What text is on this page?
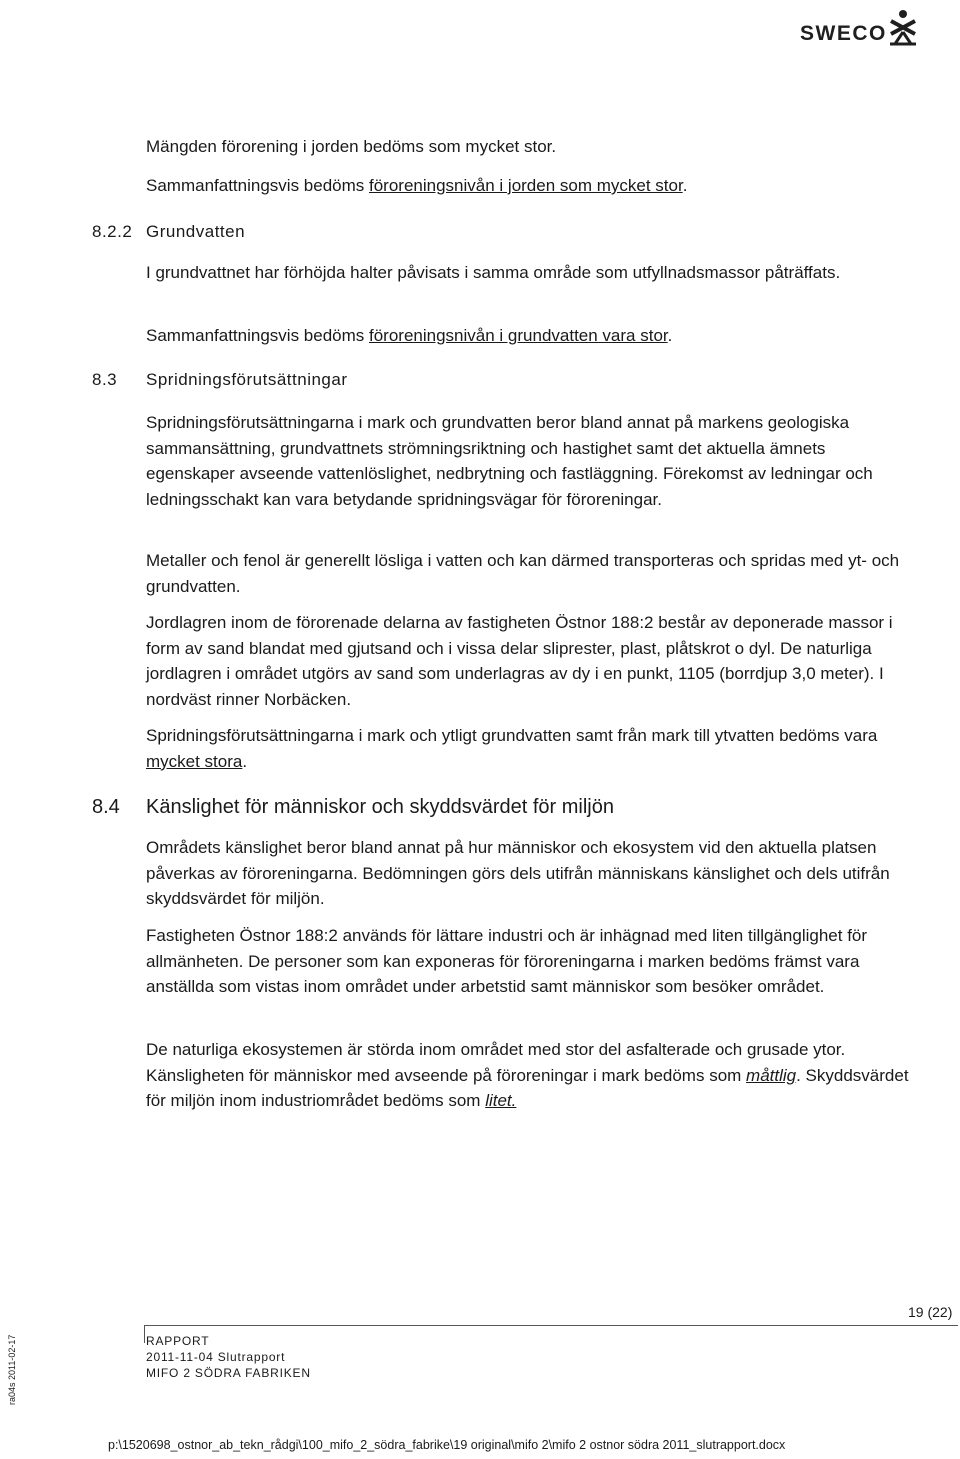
SWECO

Mängden förorening i jorden bedöms som mycket stor.

Sammanfattningsvis bedöms föroreningsnivån i jorden som mycket stor.

8.2.2 Grundvatten

I grundvattnet har förhöjda halter påvisats i samma område som utfyllnadsmassor påträffats.

Sammanfattningsvis bedöms föroreningsnivån i grundvatten vara stor.

8.3 Spridningsförutsättningar

Spridningsförutsättningarna i mark och grundvatten beror bland annat på markens geologiska sammansättning, grundvattnets strömningsriktning och hastighet samt det aktuella ämnets egenskaper avseende vattenlöslighet, nedbrytning och fastläggning. Förekomst av ledningar och ledningsschakt kan vara betydande spridningsvägar för föroreningar.

Metaller och fenol är generellt lösliga i vatten och kan därmed transporteras och spridas med yt- och grundvatten.

Jordlagren inom de förorenade delarna av fastigheten Östnor 188:2 består av deponerade massor i form av sand blandat med gjutsand och i vissa delar sliprester, plast, plåtskrot o dyl. De naturliga jordlagren i området utgörs av sand som underlagras av dy i en punkt, 1105 (borrdjup 3,0 meter). I nordväst rinner Norbäcken.

Spridningsförutsättningarna i mark och ytligt grundvatten samt från mark till ytvatten bedöms vara mycket stora.

8.4 Känslighet för människor och skyddsvärdet för miljön

Områdets känslighet beror bland annat på hur människor och ekosystem vid den aktuella platsen påverkas av föroreningarna. Bedömningen görs dels utifrån människans känslighet och dels utifrån skyddsvärdet för miljön.

Fastigheten Östnor 188:2 används för lättare industri och är inhägnad med liten tillgänglighet för allmänheten. De personer som kan exponeras för föroreningarna i marken bedöms främst vara anställda som vistas inom området under arbetstid samt människor som besöker området.

De naturliga ekosystemen är störda inom området med stor del asfalterade och grusade ytor. Känsligheten för människor med avseende på föroreningar i mark bedöms som måttlig. Skyddsvärdet för miljön inom industriområdet bedöms som litet.

19 (22)
RAPPORT
2011-11-04 Slutrapport
MIFO 2 SÖDRA FABRIKEN
ra04s 2011-02-17
p:\1520698_ostnor_ab_tekn_rådgi\100_mifo_2_södra_fabrike\19 original\mifo 2\mifo 2 ostnor södra 2011_slutrapport.docx
